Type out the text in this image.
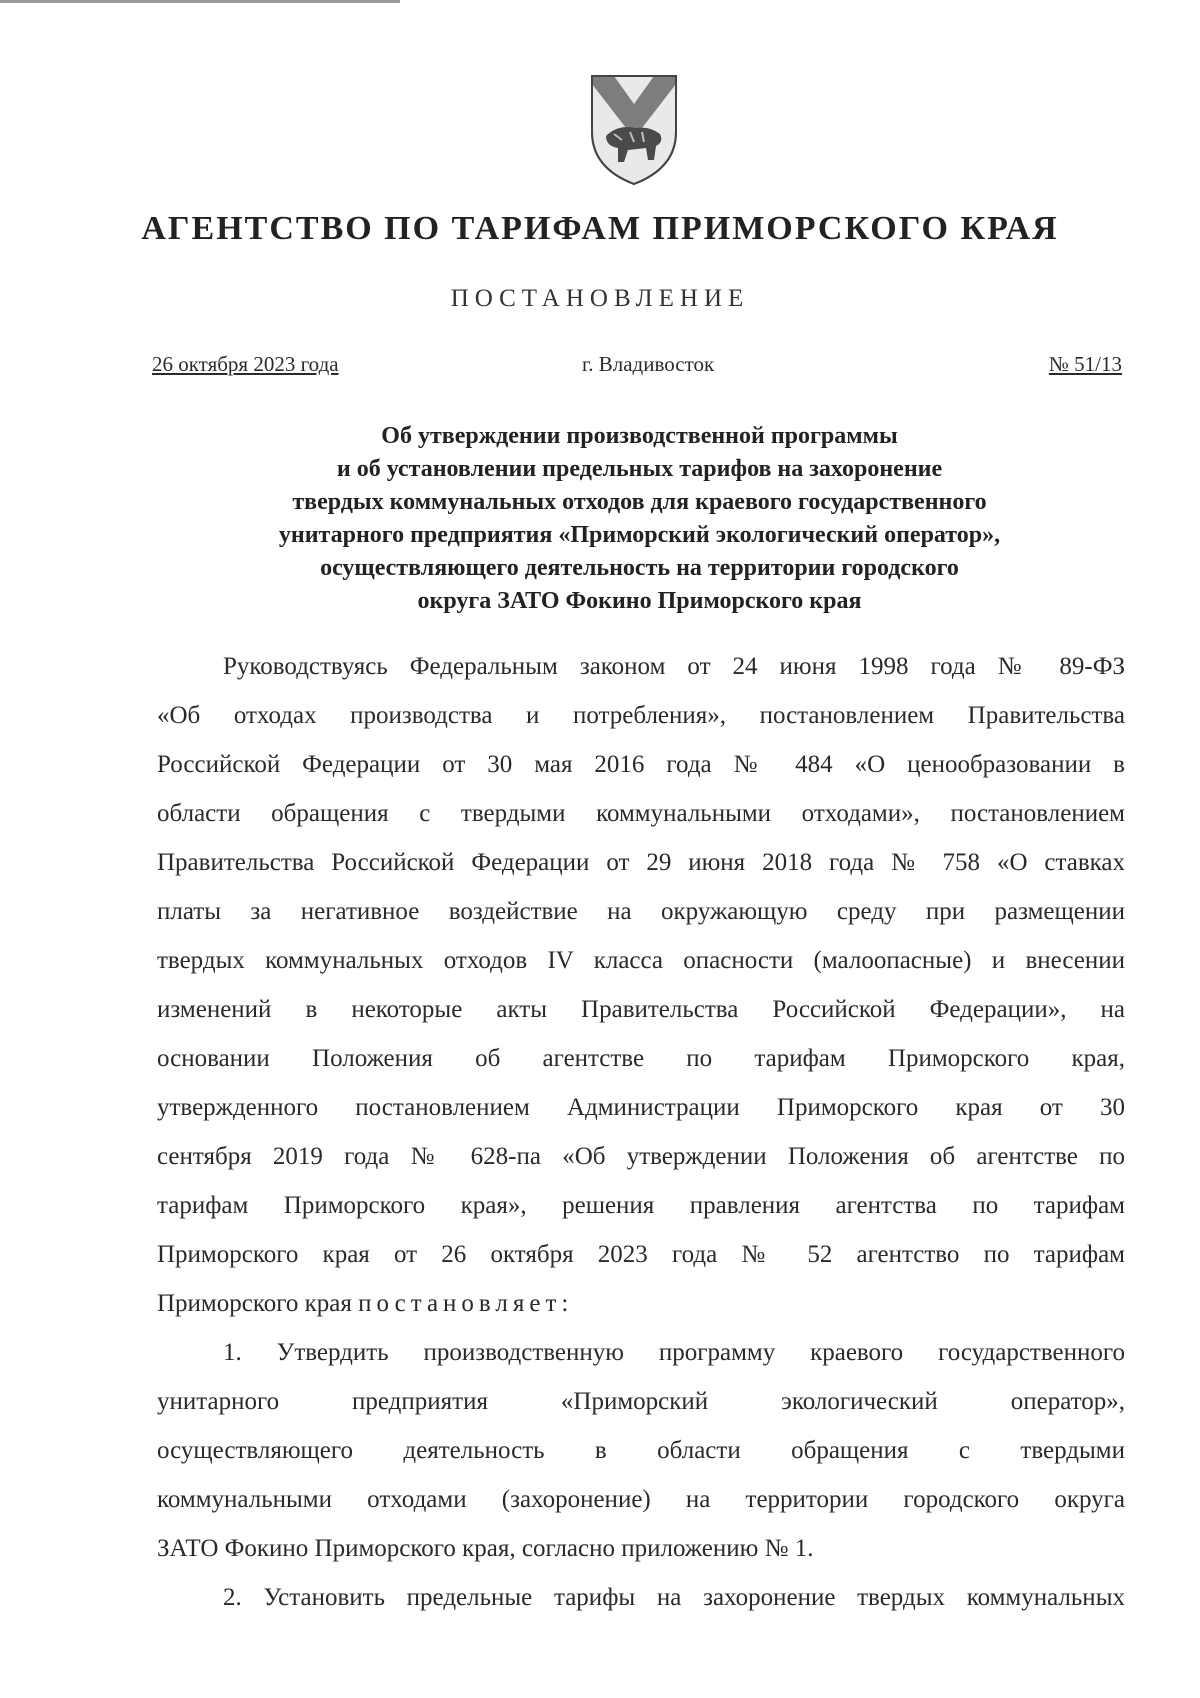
АГЕНТСТВО ПО ТАРИФАМ ПРИМОРСКОГО КРАЯ
ПОСТАНОВЛЕНИЕ
26 октября 2023 года	г. Владивосток	№ 51/13
Об утверждении производственной программы
и об установлении предельных тарифов на захоронение
твердых коммунальных отходов для краевого государственного
унитарного предприятия «Приморский экологический оператор»,
осуществляющего деятельность на территории городского
округа ЗАТО Фокино Приморского края
Руководствуясь Федеральным законом от 24 июня 1998 года № 89-ФЗ
«Об отходах производства и потребления», постановлением Правительства
Российской Федерации от 30 мая 2016 года № 484 «О ценообразовании в
области обращения с твердыми коммунальными отходами», постановлением
Правительства Российской Федерации от 29 июня 2018 года № 758 «О ставках
платы за негативное воздействие на окружающую среду при размещении
твердых коммунальных отходов IV класса опасности (малоопасные) и внесении
изменений в некоторые акты Правительства Российской Федерации», на
основании Положения об агентстве по тарифам Приморского края,
утвержденного постановлением Администрации Приморского края от 30
сентября 2019 года № 628-па «Об утверждении Положения об агентстве по
тарифам Приморского края», решения правления агентства по тарифам
Приморского края от 26 октября 2023 года № 52 агентство по тарифам
Приморского края постановляет:
1. Утвердить производственную программу краевого государственного
унитарного предприятия «Приморский экологический оператор»,
осуществляющего деятельность в области обращения с твердыми
коммунальными отходами (захоронение) на территории городского округа
ЗАТО Фокино Приморского края, согласно приложению № 1.
2. Установить предельные тарифы на захоронение твердых коммунальных
